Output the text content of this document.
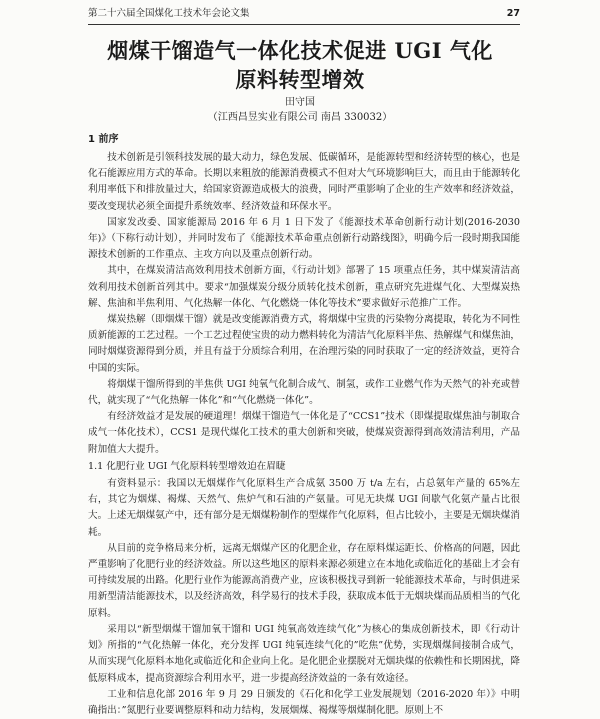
第二十六届全国煤化工技术年会论文集	27
烟煤干馏造气一体化技术促进 UGI 气化
原料转型增效
田守国
（江西昌昱实业有限公司 南昌 330032）
1 前序

技术创新是引领科技发展的最大动力，绿色发展、低碳循环，是能源转型和经济转型的核心，也是化石能源应用方式的革命。长期以来粗放的能源消费模式不但对大气环境影响巨大，而且由于能源转化利用率低下和排放量过大，给国家资源造成极大的浪费，同时严重影响了企业的生产效率和经济效益，要改变现状必须全面提升系统效率、经济效益和环保水平。

国家发改委、国家能源局 2016 年 6 月 1 日下发了《能源技术革命创新行动计划(2016-2030 年)》（下称行动计划），并同时发布了《能源技术革命重点创新行动路线图》，明确今后一段时期我国能源技术创新的工作重点、主攻方向以及重点创新行动。

其中，在煤炭清洁高效利用技术创新方面，《行动计划》部署了 15 项重点任务，其中煤炭清洁高效利用技术创新首列其中。要求“加强煤炭分级分质转化技术创新，重点研究先进煤气化、大型煤炭热解、焦油和半焦利用、气化热解一体化、气化燃烧一体化等技术”要求做好示范推广工作。

煤炭热解（即烟煤干馏）就是改变能源消费方式，将烟煤中宝贵的污染物分离提取，转化为不同性质新能源的工艺过程。一个工艺过程使宝贵的动力燃料转化为清洁气化原料半焦、热解煤气和煤焦油，同时烟煤资源得到分质，并且有益于分质综合利用，在治理污染的同时获取了一定的经济效益，更符合中国的实际。

将烟煤干馏所得到的半焦供 UGI 纯氧气化制合成气、制氢，或作工业燃气作为天然气的补充或替代，就实现了“气化热解一体化”和“气化燃烧一体化”。

有经济效益才是发展的硬道理！烟煤干馏造气一体化是了“CCS1”技术（即煤提取煤焦油与制取合成气一体化技术），CCS1 是现代煤化工技术的重大创新和突破，使煤炭资源得到高效清洁利用，产品附加值大大提升。

1.1 化肥行业 UGI 气化原料转型增效迫在眉睫

有资料显示：我国以无烟煤作气化原料生产合成氨 3500 万 t/a 左右，占总氨年产量的 65%左右，其它为烟煤、褐煤、天然气、焦炉气和石油的产氨量。可见无块煤 UGI 间歇气化氨产量占比很大。上述无烟煤氨产中，还有部分是无烟煤粉制作的型煤作气化原料，但占比较小，主要是无烟块煤消耗。

从目前的竞争格局来分析，远离无烟煤产区的化肥企业，存在原料煤运距长、价格高的问题，因此严重影响了化肥行业的经济效益。所以这些地区的原料来源必须建立在本地化或临近化的基础上才会有可持续发展的出路。化肥行业作为能源高消费产业，应该积极找寻到新一轮能源技术革命，与时俱进采用新型清洁能源技术，以及经济高效，科学易行的技术手段，获取成本低于无烟块煤而品质相当的气化原料。

采用以“新型烟煤干馏加氧干馏和 UGI 纯氧高效连续气化”为核心的集成创新技术，即《行动计划》所指的“气化热解一体化，充分发挥 UGI 纯氧连续气化的”吃焦”优势，实现烟煤间接制合成气，从而实现气化原料本地化或临近化和企业向上化。是化肥企业摆脱对无烟块煤的依赖性和长期困扰，降低原料成本，提高资源综合利用水平，进一步提高经济效益的一条有效途径。

工业和信息化部 2016 年 9 月 29 日颁发的《石化和化学工业发展规划（2016-2020 年）》中明确指出：”氮肥行业要调整原料和动力结构，发展烟煤、褐煤等烟煤制化肥。原则上不
